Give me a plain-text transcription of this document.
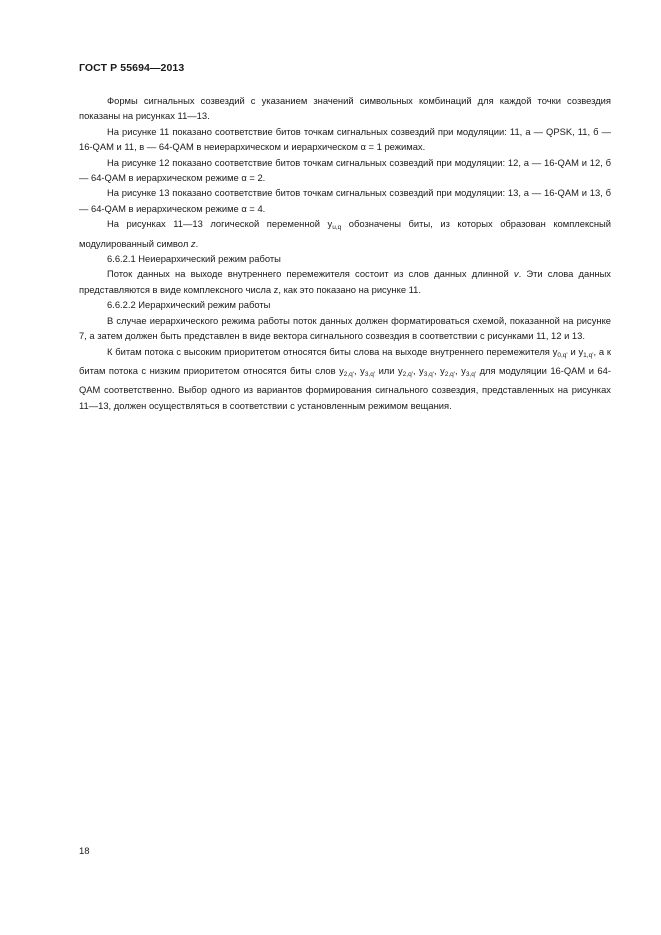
ГОСТ Р 55694—2013

Формы сигнальных созвездий с указанием значений символьных комбинаций для каждой точки созвездия показаны на рисунках 11—13.

На рисунке 11 показано соответствие битов точкам сигнальных созвездий при модуляции: 11, а — QPSK, 11, б — 16-QAM и 11, в — 64-QAM в неиерархическом и иерархическом α = 1 режимах.

На рисунке 12 показано соответствие битов точкам сигнальных созвездий при модуляции: 12, а — 16-QAM и 12, б — 64-QAM в иерархическом режиме α = 2.

На рисунке 13 показано соответствие битов точкам сигнальных созвездий при модуляции: 13, а — 16-QAM и 13, б — 64-QAM в иерархическом режиме α = 4.

На рисунках 11—13 логической переменной $y_{u,q}$ обозначены биты, из которых образован комплексный модулированный символ z.

6.6.2.1 Неиерархический режим работы

Поток данных на выходе внутреннего перемежителя состоит из слов данных длинной v. Эти слова данных представляются в виде комплексного числа z, как это показано на рисунке 11.

6.6.2.2 Иерархический режим работы

В случае иерархического режима работы поток данных должен форматироваться схемой, показанной на рисунке 7, а затем должен быть представлен в виде вектора сигнального созвездия в соответствии с рисунками 11, 12 и 13.

К битам потока с высоким приоритетом относятся биты слова на выходе внутреннего перемежителя $y_{0,q'}$ и $y_{1,q'}$, а к битам потока с низким приоритетом относятся биты слов $y_{2,q'}$, $y_{3,q'}$ или $y_{2,q'}$, $y_{3,q'}$, $y_{2,q'}$, $y_{3,q'}$ для модуляции 16-QAM и 64-QAM соответственно. Выбор одного из вариантов формирования сигнального созвездия, представленных на рисунках 11—13, должен осуществляться в соответствии с установленным режимом вещания.

18
